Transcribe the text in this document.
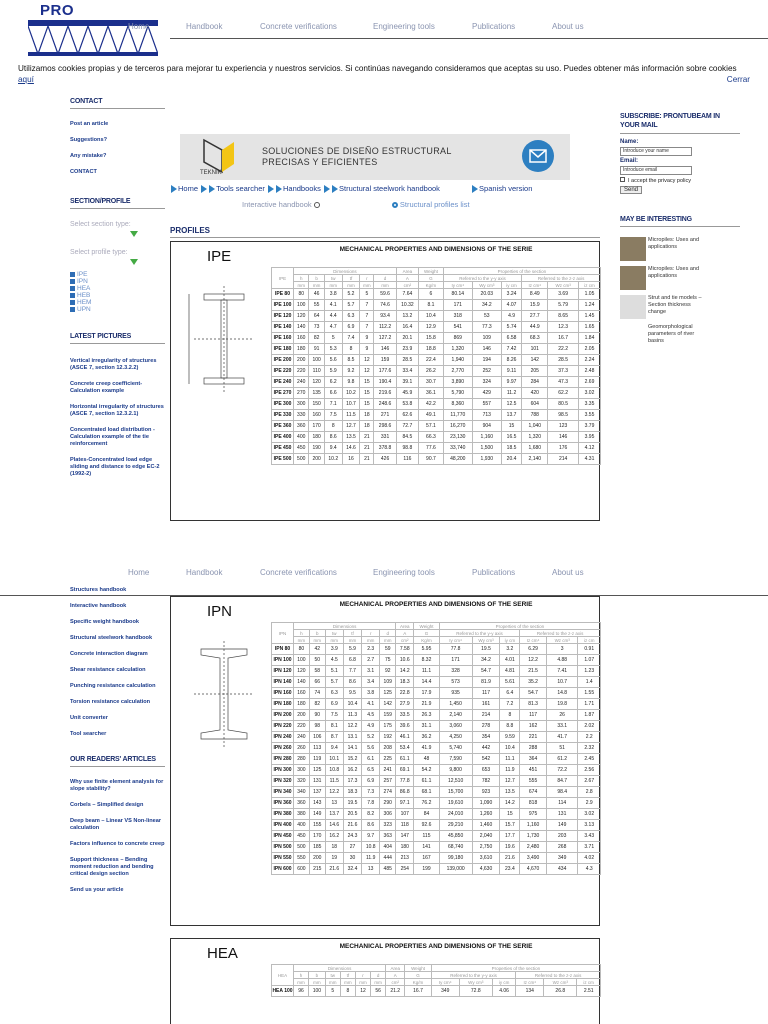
PRO
Home	Handbook	Concrete verifications	Engineering tools	Publications	About us
Utilizamos cookies propias y de terceros para mejorar tu experiencia y nuestros servicios. Si continúas navegando consideramos que aceptas su uso. Puedes obtener más información sobre cookies
aquí	Cerrar
CONTACT
Post an article
Suggestions?
Any mistake?
CONTACT
SECTION/PROFILE
Select section type:
Select profile type:
IPE
IPN
HEA
HEB
HEM
UPN
LATEST PICTURES
Vertical irregularity of structures (ASCE 7, section 12.3.2.2)
Concrete creep coefficient-Calculation example
Horizontal irregularity of structures (ASCE 7, section 12.3.2.1)
Concentrated load distribution - Calculation example of the tie reinforcement
Plates-Concentrated load edge sliding and distance to edge EC-2 (1992-2)
SUBSCRIBE: PRONTUBEAM IN YOUR MAIL
Name:
Introduce your name
Email:
Introduce email
I accept the privacy policy
Send
MAY BE INTERESTING
Micropiles: Uses and applications
Micropiles: Uses and applications
Strut and tie models – Section thickness change
Geomorphological parameters of river basins
TEKNIK
SOLUCIONES DE DISEÑO ESTRUCTURAL
PRECISAS Y EFICIENTES
Home Tools searcher Handbooks Structural steelwork handbook	Spanish version
Interactive handbook	Structural profiles list
PROFILES
IPE	MECHANICAL PROPERTIES AND DIMENSIONS OF THE SERIE
IPE	Dimensions						Area	Weight	Properties of the section					
	h	b	tw	tf	r	d	A	G	Referred to the y-y axis			Referred to the z-z axis		
	mm	mm	mm	mm	mm	mm	cm²	Kg/m	Iy cm⁴	Wy cm³	iy cm	Iz cm⁴	Wz cm³	iz cm
IPE 80	80	46	3.8	5.2	5	59.6	7.64	6	80.14	20.03	3.24	8.49	3.69	1.05
IPE 100	100	55	4.1	5.7	7	74.6	10.32	8.1	171	34.2	4.07	15.9	5.79	1.24
IPE 120	120	64	4.4	6.3	7	93.4	13.2	10.4	318	53	4.9	27.7	8.65	1.45
IPE 140	140	73	4.7	6.9	7	112.2	16.4	12.9	541	77.3	5.74	44.9	12.3	1.65
IPE 160	160	82	5	7.4	9	127.2	20.1	15.8	869	109	6.58	68.3	16.7	1.84
IPE 180	180	91	5.3	8	9	146	23.9	18.8	1,320	146	7.42	101	22.2	2.05
IPE 200	200	100	5.6	8.5	12	159	28.5	22.4	1,940	194	8.26	142	28.5	2.24
IPE 220	220	110	5.9	9.2	12	177.6	33.4	26.2	2,770	252	9.11	205	37.3	2.48
IPE 240	240	120	6.2	9.8	15	190.4	39.1	30.7	3,890	324	9.97	284	47.3	2.69
IPE 270	270	135	6.6	10.2	15	219.6	45.9	36.1	5,790	429	11.2	420	62.2	3.02
IPE 300	300	150	7.1	10.7	15	248.6	53.8	42.2	8,360	557	12.5	604	80.5	3.35
IPE 330	330	160	7.5	11.5	18	271	62.6	49.1	11,770	713	13.7	788	98.5	3.55
IPE 360	360	170	8	12.7	18	298.6	72.7	57.1	16,270	904	15	1,040	123	3.79
IPE 400	400	180	8.6	13.5	21	331	84.5	66.3	23,130	1,160	16.5	1,320	146	3.95
IPE 450	450	190	9.4	14.6	21	378.8	98.8	77.6	33,740	1,500	18.5	1,680	176	4.12
IPE 500	500	200	10.2	16	21	426	116	90.7	48,200	1,930	20.4	2,140	214	4.31
Home	Handbook	Concrete verifications	Engineering tools	Publications	About us
Structures handbook
Interactive handbook
Specific weight handbook
Structural steelwork handbook
Concrete interaction diagram
Shear resistance calculation
Punching resistance calculation
Torsion resistance calculation
Unit converter
Tool searcher
OUR READERS' ARTICLES
Why use finite element analysis for slope stability?
Corbels – Simplified design
Deep beam – Linear VS Non-linear calculation
Factors influence to concrete creep
Support thickness – Bending moment reduction and bending critical design section
Send us your article
IPN	MECHANICAL PROPERTIES AND DIMENSIONS OF THE SERIE
IPN	Dimensions						Area	Weight	Properties of the section					
	h	b	tw	tf	r	d	A	G	Referred to the y-y axis			Referred to the z-z axis		
	mm	mm	mm	mm	mm	mm	cm²	Kg/m	Iy cm⁴	Wy cm³	iy cm	Iz cm⁴	Wz cm³	iz cm
IPN 80	80	42	3.9	5.9	2.3	59	7.58	5.95	77.8	19.5	3.2	6.29	3	0.91
IPN 100	100	50	4.5	6.8	2.7	75	10.6	8.32	171	34.2	4.01	12.2	4.88	1.07
IPN 120	120	58	5.1	7.7	3.1	92	14.2	11.1	328	54.7	4.81	21.5	7.41	1.23
IPN 140	140	66	5.7	8.6	3.4	109	18.3	14.4	573	81.9	5.61	35.2	10.7	1.4
IPN 160	160	74	6.3	9.5	3.8	125	22.8	17.9	935	117	6.4	54.7	14.8	1.55
IPN 180	180	82	6.9	10.4	4.1	142	27.9	21.9	1,450	161	7.2	81.3	19.8	1.71
IPN 200	200	90	7.5	11.3	4.5	159	33.5	26.3	2,140	214	8	117	26	1.87
IPN 220	220	98	8.1	12.2	4.9	175	39.6	31.1	3,060	278	8.8	162	33.1	2.02
IPN 240	240	106	8.7	13.1	5.2	192	46.1	36.2	4,250	354	9.59	221	41.7	2.2
IPN 260	260	113	9.4	14.1	5.6	208	53.4	41.9	5,740	442	10.4	288	51	2.32
IPN 280	280	119	10.1	15.2	6.1	225	61.1	48	7,590	542	11.1	364	61.2	2.45
IPN 300	300	125	10.8	16.2	6.5	241	69.1	54.2	9,800	653	11.9	451	72.2	2.56
IPN 320	320	131	11.5	17.3	6.9	257	77.8	61.1	12,510	782	12.7	555	84.7	2.67
IPN 340	340	137	12.2	18.3	7.3	274	86.8	68.1	15,700	923	13.5	674	98.4	2.8
IPN 360	360	143	13	19.5	7.8	290	97.1	76.2	19,610	1,090	14.2	818	114	2.9
IPN 380	380	149	13.7	20.5	8.2	306	107	84	24,010	1,260	15	975	131	3.02
IPN 400	400	155	14.6	21.6	8.6	323	118	92.6	29,210	1,460	15.7	1,160	149	3.13
IPN 450	450	170	16.2	24.3	9.7	363	147	115	45,850	2,040	17.7	1,730	203	3.43
IPN 500	500	185	18	27	10.8	404	180	141	68,740	2,750	19.6	2,480	268	3.71
IPN 550	550	200	19	30	11.9	444	213	167	99,180	3,610	21.6	3,490	349	4.02
IPN 600	600	215	21.6	32.4	13	485	254	199	139,000	4,630	23.4	4,670	434	4.3
HEA	MECHANICAL PROPERTIES AND DIMENSIONS OF THE SERIE
HEA	Dimensions						Area	Weight	Properties of the section					
	h	b	tw	tf	r	d	A	G	Referred to the y-y axis			Referred to the z-z axis		
	mm	mm	mm	mm	mm	mm	cm²	Kg/m	Iy cm⁴	Wy cm³	iy cm	Iz cm⁴	Wz cm³	iz cm
HEA 100	96	100	5	8	12	56	21.2	16.7	349	72.8	4.06	134	26.8	2.51
